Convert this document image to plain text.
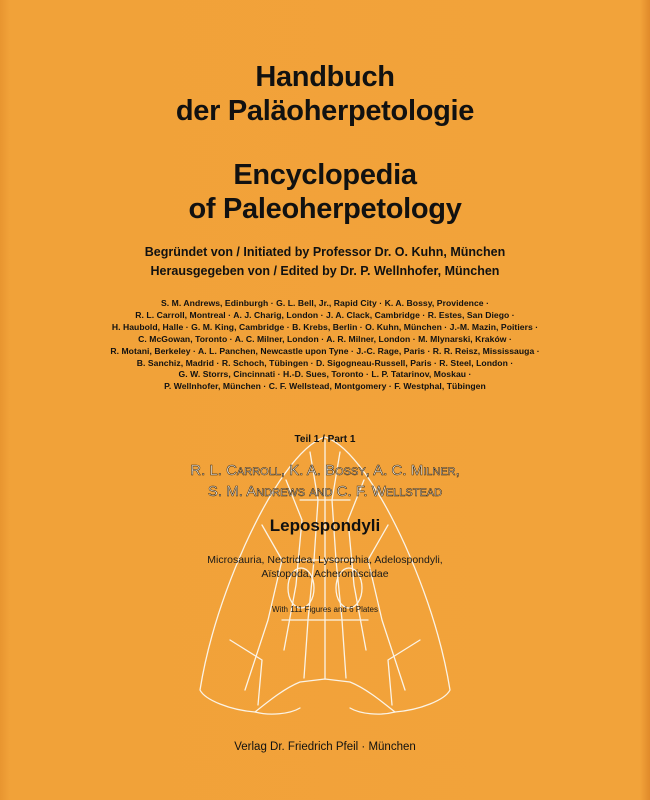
Handbuch
der Paläoherpetologie
Encyclopedia
of Paleoherpetology
Begründet von / Initiated by Professor Dr. O. Kuhn, München
Herausgegeben von / Edited by Dr. P. Wellnhofer, München
S. M. Andrews, Edinburgh · G. L. Bell, Jr., Rapid City · K. A. Bossy, Providence ·
R. L. Carroll, Montreal · A. J. Charig, London · J. A. Clack, Cambridge · R. Estes, San Diego ·
H. Haubold, Halle · G. M. King, Cambridge · B. Krebs, Berlin · O. Kuhn, München · J.-M. Mazin, Poitiers ·
C. McGowan, Toronto · A. C. Milner, London · A. R. Milner, London · M. Mlynarski, Kraków ·
R. Motani, Berkeley · A. L. Panchen, Newcastle upon Tyne · J.-C. Rage, Paris · R. R. Reisz, Mississauga ·
B. Sanchiz, Madrid · R. Schoch, Tübingen · D. Sigogneau-Russell, Paris · R. Steel, London ·
G. W. Storrs, Cincinnati · H.-D. Sues, Toronto · L. P. Tatarinov, Moskau ·
P. Wellnhofer, München · C. F. Wellstead, Montgomery · F. Westphal, Tübingen
Teil 1 / Part 1
R. L. Carroll, K. A. Bossy, A. C. Milner,
S. M. Andrews and C. F. Wellstead
Lepospondyli
Microsauria, Nectridea, Lysorophia, Adelospondyli,
Aïstopoda, Acherontiscidae
With 111 Figures and 6 Plates
Verlag Dr. Friedrich Pfeil · München
